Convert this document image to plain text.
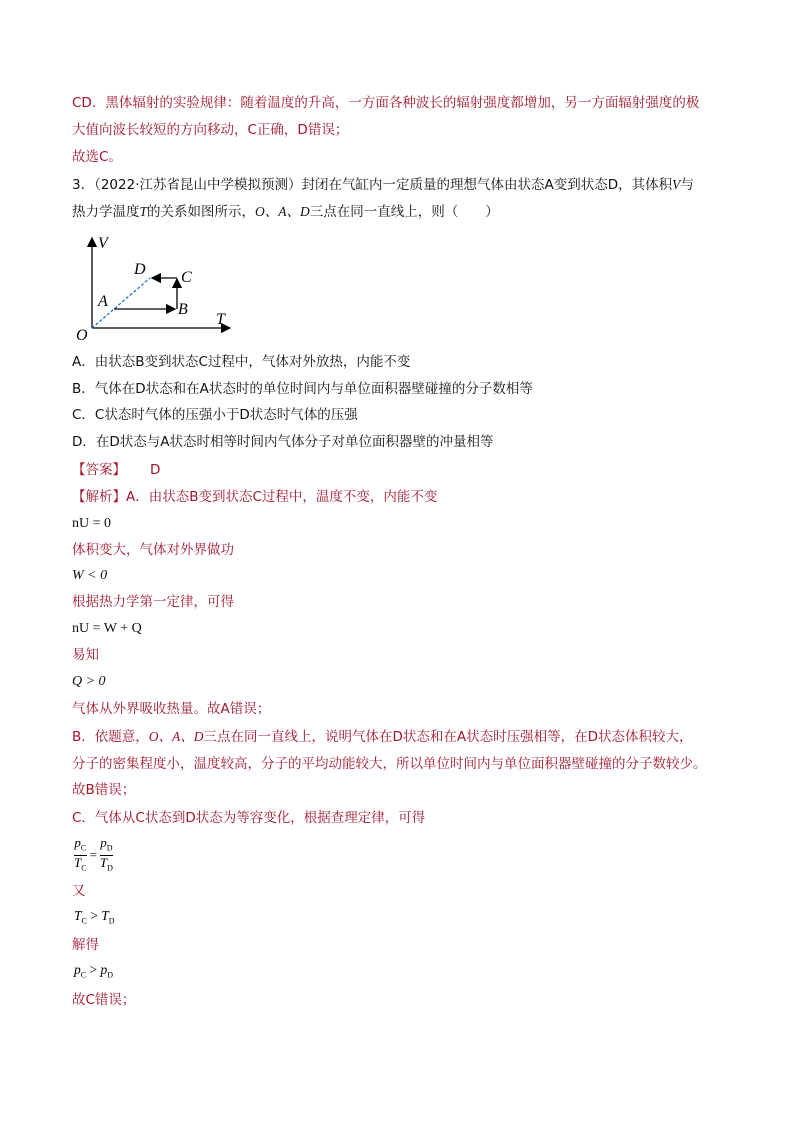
CD．黑体辐射的实验规律：随着温度的升高，一方面各种波长的辐射强度都增加，另一方面辐射强度的极
大值向波长较短的方向移动，C正确，D错误；
故选C。
3．（2022·江苏省昆山中学模拟预测）封闭在气缸内一定质量的理想气体由状态A变到状态D，其体积V与
热力学温度T的关系如图所示，O、A、D三点在同一直线上，则（　　）
V
T
O
A	B
C
D
A．由状态B变到状态C过程中，气体对外放热，内能不变
B．气体在D状态和在A状态时的单位时间内与单位面积器壁碰撞的分子数相等
C．C状态时气体的压强小于D状态时气体的压强
D．在D状态与A状态时相等时间内气体分子对单位面积器壁的冲量相等
【答案】 D
【解析】A．由状态B变到状态C过程中，温度不变，内能不变
nU = 0
体积变大，气体对外界做功
W < 0
根据热力学第一定律，可得
nU = W + Q
易知
Q > 0
气体从外界吸收热量。故A错误；
B．依题意，O、A、D三点在同一直线上，说明气体在D状态和在A状态时压强相等，在D状态体积较大，
分子的密集程度小，温度较高，分子的平均动能较大，所以单位时间内与单位面积器壁碰撞的分子数较少。
故B错误；
C．气体从C状态到D状态为等容变化，根据查理定律，可得
$\frac{p_C}{T_C} = \frac{p_D}{T_D}$
又
$T_C > T_D$
解得
$p_C > p_D$
故C错误；
